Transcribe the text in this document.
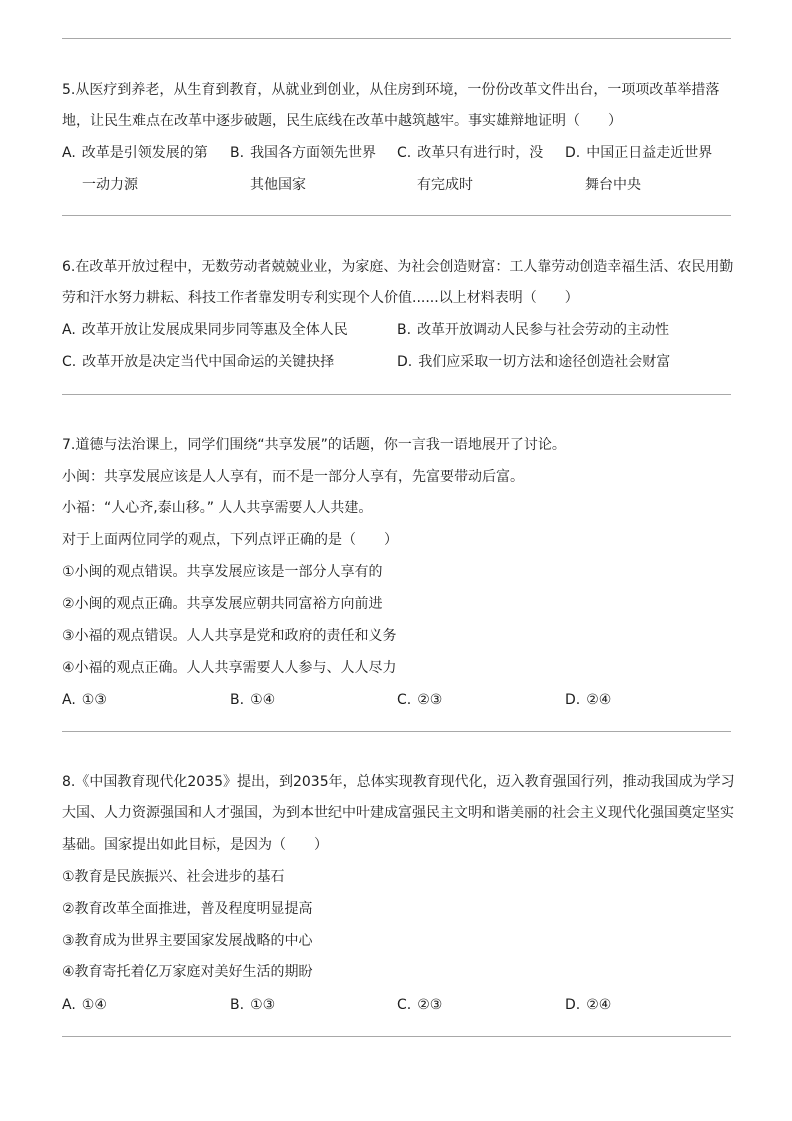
5.从医疗到养老，从生育到教育，从就业到创业，从住房到环境，一份份改革文件出台，一项项改革举措落
地，让民生难点在改革中逐步破题，民生底线在改革中越筑越牢。事实雄辩地证明（　　）
A. 改革是引领发展的第
一动力源
B. 我国各方面领先世界
其他国家
C. 改革只有进行时，没
有完成时
D. 中国正日益走近世界
舞台中央
6.在改革开放过程中，无数劳动者兢兢业业，为家庭、为社会创造财富：工人靠劳动创造幸福生活、农民用勤
劳和汗水努力耕耘、科技工作者靠发明专利实现个人价值......以上材料表明（　　）
A. 改革开放让发展成果同步同等惠及全体人民	B. 改革开放调动人民参与社会劳动的主动性
C. 改革开放是决定当代中国命运的关键抉择	D. 我们应采取一切方法和途径创造社会财富
7.道德与法治课上，同学们围绕“共享发展”的话题，你一言我一语地展开了讨论。
小闽：共享发展应该是人人享有，而不是一部分人享有，先富要带动后富。
小福：“人心齐,泰山移。” 人人共享需要人人共建。
对于上面两位同学的观点，下列点评正确的是（　　）
①小闽的观点错误。共享发展应该是一部分人享有的
②小闽的观点正确。共享发展应朝共同富裕方向前进
③小福的观点错误。人人共享是党和政府的责任和义务
④小福的观点正确。人人共享需要人人参与、人人尽力
A. ①③	B. ①④	C. ②③	D. ②④
8.《中国教育现代化2035》提出，到2035年，总体实现教育现代化，迈入教育强国行列，推动我国成为学习
大国、人力资源强国和人才强国，为到本世纪中叶建成富强民主文明和谐美丽的社会主义现代化强国奠定坚实
基础。国家提出如此目标，是因为（　　）
①教育是民族振兴、社会进步的基石
②教育改革全面推进，普及程度明显提高
③教育成为世界主要国家发展战略的中心
④教育寄托着亿万家庭对美好生活的期盼
A. ①④	B. ①③	C. ②③	D. ②④
